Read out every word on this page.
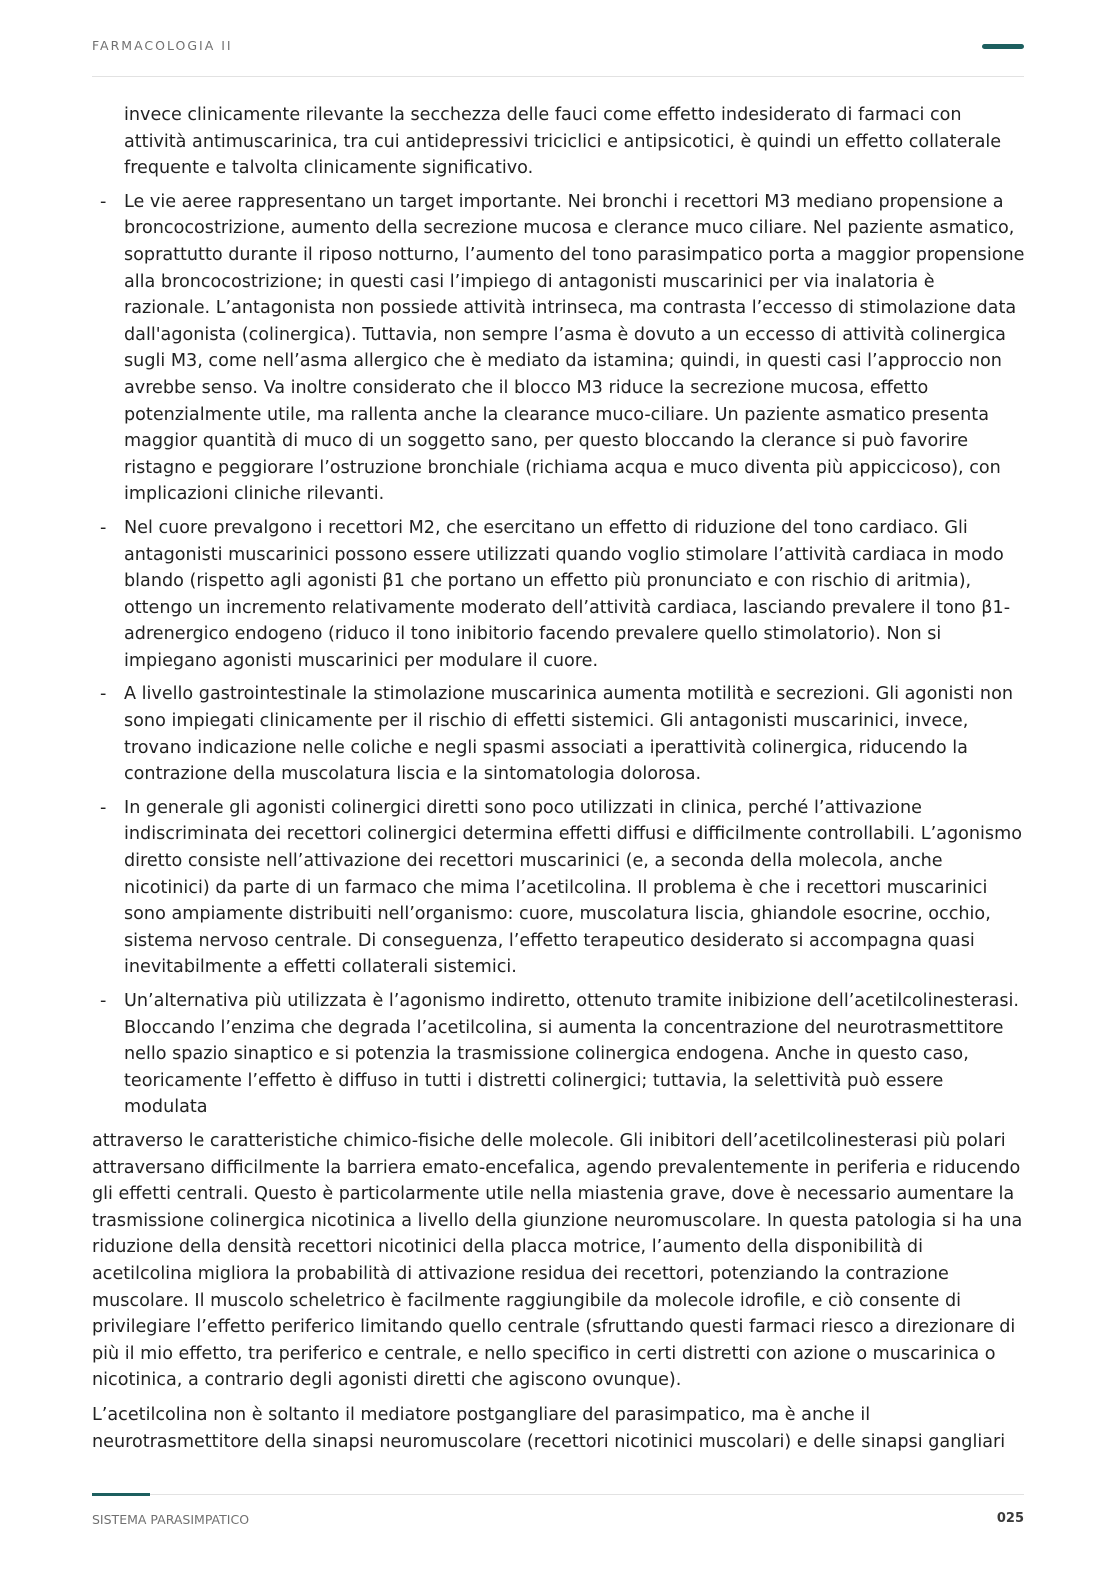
FARMACOLOGIA II

invece clinicamente rilevante la secchezza delle fauci come effetto indesiderato di farmaci con attività antimuscarinica, tra cui antidepressivi triciclici e antipsicotici, è quindi un effetto collaterale frequente e talvolta clinicamente significativo.

- Le vie aeree rappresentano un target importante. Nei bronchi i recettori M3 mediano propensione a broncocostrizione, aumento della secrezione mucosa e clerance muco ciliare. Nel paziente asmatico, soprattutto durante il riposo notturno, l’aumento del tono parasimpatico porta a maggior propensione alla broncocostrizione; in questi casi l’impiego di antagonisti muscarinici per via inalatoria è razionale. L’antagonista non possiede attività intrinseca, ma contrasta l’eccesso di stimolazione data dall'agonista (colinergica). Tuttavia, non sempre l’asma è dovuto a un eccesso di attività colinergica sugli M3, come nell’asma allergico che è mediato da istamina; quindi, in questi casi l’approccio non avrebbe senso. Va inoltre considerato che il blocco M3 riduce la secrezione mucosa, effetto potenzialmente utile, ma rallenta anche la clearance muco-ciliare. Un paziente asmatico presenta maggior quantità di muco di un soggetto sano, per questo bloccando la clerance si può favorire ristagno e peggiorare l’ostruzione bronchiale (richiama acqua e muco diventa più appiccicoso), con implicazioni cliniche rilevanti.
- Nel cuore prevalgono i recettori M2, che esercitano un effetto di riduzione del tono cardiaco. Gli antagonisti muscarinici possono essere utilizzati quando voglio stimolare l’attività cardiaca in modo blando (rispetto agli agonisti β1 che portano un effetto più pronunciato e con rischio di aritmia), ottengo un incremento relativamente moderato dell’attività cardiaca, lasciando prevalere il tono β1-adrenergico endogeno (riduco il tono inibitorio facendo prevalere quello stimolatorio). Non si impiegano agonisti muscarinici per modulare il cuore.
- A livello gastrointestinale la stimolazione muscarinica aumenta motilità e secrezioni. Gli agonisti non sono impiegati clinicamente per il rischio di effetti sistemici. Gli antagonisti muscarinici, invece, trovano indicazione nelle coliche e negli spasmi associati a iperattività colinergica, riducendo la contrazione della muscolatura liscia e la sintomatologia dolorosa.
- In generale gli agonisti colinergici diretti sono poco utilizzati in clinica, perché l’attivazione indiscriminata dei recettori colinergici determina effetti diffusi e difficilmente controllabili. L’agonismo diretto consiste nell’attivazione dei recettori muscarinici (e, a seconda della molecola, anche nicotinici) da parte di un farmaco che mima l’acetilcolina. Il problema è che i recettori muscarinici sono ampiamente distribuiti nell’organismo: cuore, muscolatura liscia, ghiandole esocrine, occhio, sistema nervoso centrale. Di conseguenza, l’effetto terapeutico desiderato si accompagna quasi inevitabilmente a effetti collaterali sistemici.
- Un’alternativa più utilizzata è l’agonismo indiretto, ottenuto tramite inibizione dell’acetilcolinesterasi. Bloccando l’enzima che degrada l’acetilcolina, si aumenta la concentrazione del neurotrasmettitore nello spazio sinaptico e si potenzia la trasmissione colinergica endogena. Anche in questo caso, teoricamente l’effetto è diffuso in tutti i distretti colinergici; tuttavia, la selettività può essere modulata

attraverso le caratteristiche chimico-fisiche delle molecole. Gli inibitori dell’acetilcolinesterasi più polari attraversano difficilmente la barriera emato-encefalica, agendo prevalentemente in periferia e riducendo gli effetti centrali. Questo è particolarmente utile nella miastenia grave, dove è necessario aumentare la trasmissione colinergica nicotinica a livello della giunzione neuromuscolare. In questa patologia si ha una riduzione della densità recettori nicotinici della placca motrice, l’aumento della disponibilità di acetilcolina migliora la probabilità di attivazione residua dei recettori, potenziando la contrazione muscolare. Il muscolo scheletrico è facilmente raggiungibile da molecole idrofile, e ciò consente di privilegiare l’effetto periferico limitando quello centrale (sfruttando questi farmaci riesco a direzionare di più il mio effetto, tra periferico e centrale, e nello specifico in certi distretti con azione o muscarinica o nicotinica, a contrario degli agonisti diretti che agiscono ovunque).

L’acetilcolina non è soltanto il mediatore postgangliare del parasimpatico, ma è anche il neurotrasmettitore della sinapsi neuromuscolare (recettori nicotinici muscolari) e delle sinapsi gangliari

SISTEMA PARASIMPATICO	025
